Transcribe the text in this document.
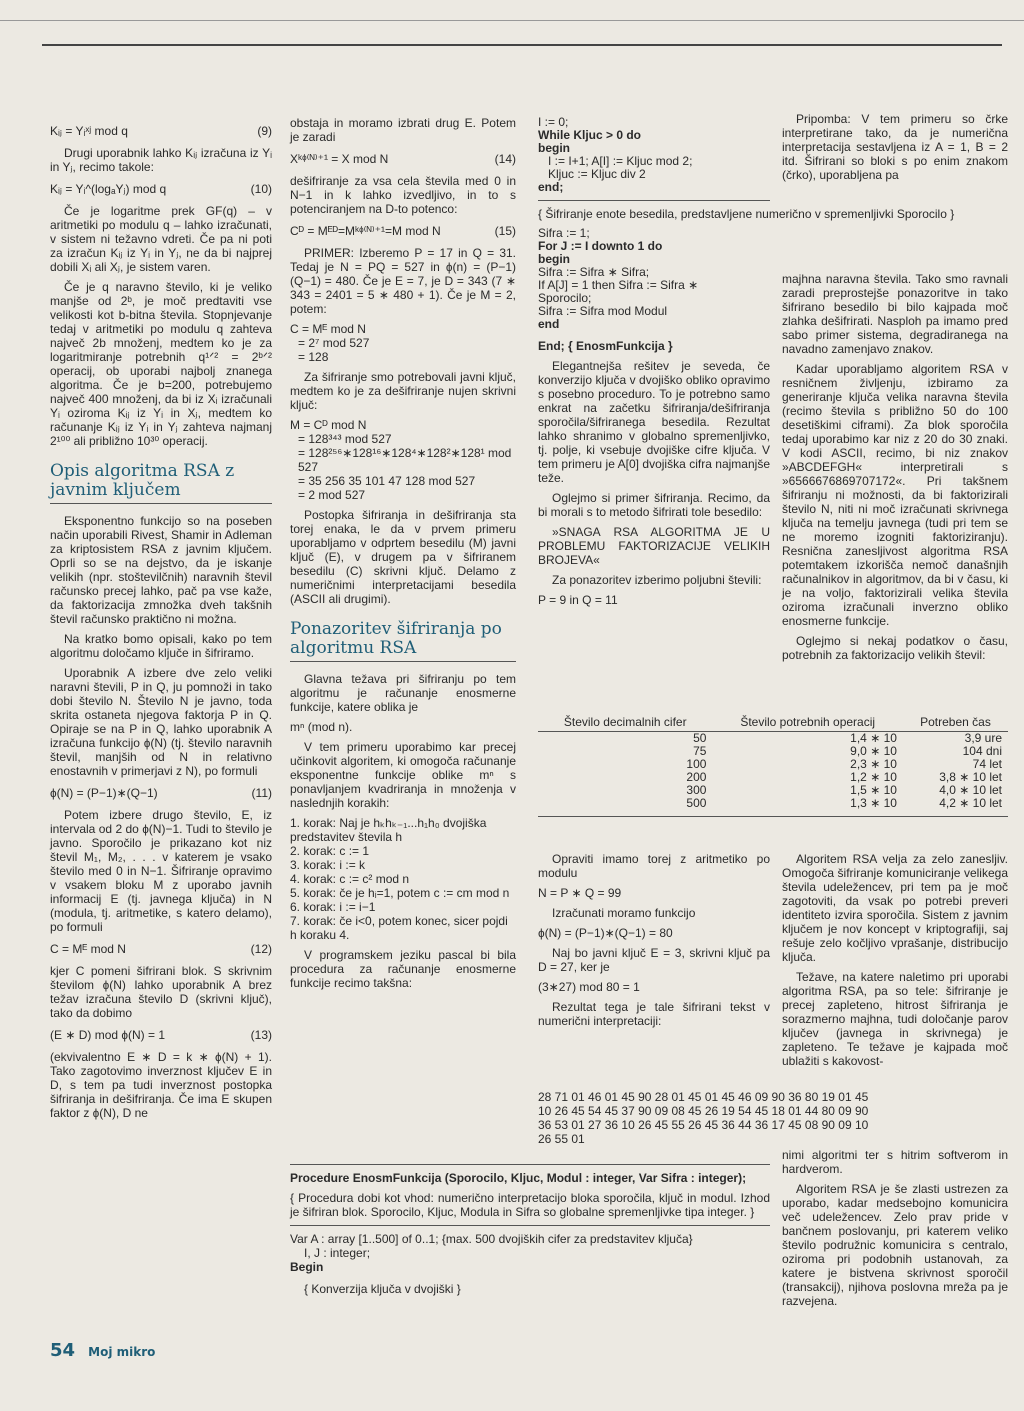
Kᵢⱼ = Yᵢˣʲ mod q	(9)

Drugi uporabnik lahko Kᵢⱼ izračuna iz Yᵢ in Yⱼ, recimo takole:

Kᵢⱼ = Yᵢ^(logₐYⱼ) mod q	(10)

Če je logaritme prek GF(q) – v aritmetiki po modulu q – lahko izračunati, v sistem ni težavno vdreti. Če pa ni poti za izračun Kᵢⱼ iz Yᵢ in Yⱼ, ne da bi najprej dobili Xᵢ ali Xⱼ, je sistem varen.

Če je q naravno število, ki je veliko manjše od 2ᵇ, je moč predtaviti vse velikosti kot b-bitna števila. Stopnjevanje tedaj v aritmetiki po modulu q zahteva največ 2b množenj, medtem ko je za logaritmiranje potrebnih q¹ᐟ² = 2ᵇᐟ² operacij, ob uporabi najbolj znanega algoritma. Če je b=200, potrebujemo največ 400 množenj, da bi iz Xᵢ izračunali Yᵢ oziroma Kᵢⱼ iz Yᵢ in Xⱼ, medtem ko računanje Kᵢⱼ iz Yᵢ in Yⱼ zahteva najmanj 2¹⁰⁰ ali približno 10³⁰ operacij.

Opis algoritma RSA z javnim ključem

Eksponentno funkcijo so na poseben način uporabili Rivest, Shamir in Adleman za kriptosistem RSA z javnim ključem. Oprli so se na dejstvo, da je iskanje velikih (npr. stoštevilčnih) naravnih števil računsko precej lahko, pač pa vse kaže, da faktorizacija zmnožka dveh takšnih števil računsko praktično ni možna.

Na kratko bomo opisali, kako po tem algoritmu določamo ključe in šifriramo.

Uporabnik A izbere dve zelo veliki naravni števili, P in Q, ju pomnoži in tako dobi število N. Število N je javno, toda skrita ostaneta njegova faktorja P in Q. Opiraje se na P in Q, lahko uporabnik A izračuna funkcijo ɸ(N) (tj. število naravnih števil, manjših od N in relativno enostavnih v primerjavi z N), po formuli

ɸ(N) = (P−1)∗(Q−1)	(11)

Potem izbere drugo število, E, iz intervala od 2 do ɸ(N)−1. Tudi to število je javno. Sporočilo je prikazano kot niz števil M₁, M₂, . . . v katerem je vsako število med 0 in N−1. Šifriranje opravimo v vsakem bloku M z uporabo javnih informacij E (tj. javnega ključa) in N (modula, tj. aritmetike, s katero delamo), po formuli

C = Mᴱ mod N	(12)

kjer C pomeni šifrirani blok. S skrivnim številom ɸ(N) lahko uporabnik A brez težav izračuna število D (skrivni ključ), tako da dobimo

(E ∗ D) mod ɸ(N) = 1	(13)

(ekvivalentno E ∗ D = k ∗ ɸ(N) + 1). Tako zagotovimo inverznost ključev E in D, s tem pa tudi inverznost postopka šifriranja in dešifriranja. Če ima E skupen faktor z ɸ(N), D ne

obstaja in moramo izbrati drug E. Potem je zaradi

Xᵏᶲ⁽ᴺ⁾⁺¹ = X mod N	(14)

dešifriranje za vsa cela števila med 0 in N−1 in k lahko izvedljivo, in to s potenciranjem na D-to potenco:

Cᴰ = Mᴱᴰ=Mᵏᶲ⁽ᴺ⁾⁺¹=M mod N	(15)

PRIMER: Izberemo P = 17 in Q = 31. Tedaj je N = PQ = 527 in ɸ(n) = (P−1)(Q−1) = 480. Če je E = 7, je D = 343 (7 ∗ 343 = 2401 = 5 ∗ 480 + 1). Če je M = 2, potem:

C = Mᴱ mod N
= 2⁷ mod 527
= 128

Za šifriranje smo potrebovali javni ključ, medtem ko je za dešifriranje nujen skrivni ključ:

M = Cᴰ mod N
= 128³⁴³ mod 527
= 128²⁵⁶∗128¹⁶∗128⁴∗128²∗128¹ mod 527
= 35 256 35 101 47 128 mod 527
= 2 mod 527

Postopka šifriranja in dešifriranja sta torej enaka, le da v prvem primeru uporabljamo v odprtem besedilu (M) javni ključ (E), v drugem pa v šifriranem besedilu (C) skrivni ključ. Delamo z numeričnimi interpretacijami besedila (ASCII ali drugimi).

Ponazoritev šifriranja po algoritmu RSA

Glavna težava pri šifriranju po tem algoritmu je računanje enosmerne funkcije, katere oblika je

mⁿ (mod n).

V tem primeru uporabimo kar precej učinkovit algoritem, ki omogoča računanje eksponentne funkcije oblike mⁿ s ponavljanjem kvadriranja in množenja v naslednjih korakih:

1. korak: Naj je hₖhₖ₋₁...h₁h₀ dvojiška predstavitev števila h
2. korak: c := 1
3. korak: i := k
4. korak: c := c² mod n
5. korak: če je hᵢ=1, potem c := cm mod n
6. korak: i := i−1
7. korak: če i<0, potem konec, sicer pojdi h koraku 4.

V programskem jeziku pascal bi bila procedura za računanje enosmerne funkcije recimo takšna:

I := 0;
While Kljuc > 0 do
begin
I := I+1; A[I] := Kljuc mod 2;
Kljuc := Kljuc div 2
end;

{ Šifriranje enote besedila, predstavljene numerično v spremenljivki Sporocilo }

Sifra := 1;
For J := I downto 1 do
begin
Sifra := Sifra ∗ Sifra;
If A[J] = 1 then Sifra := Sifra ∗
Sporocilo;
Sifra := Sifra mod Modul
end

End; { EnosmFunkcija }

Elegantnejša rešitev je seveda, če konverzijo ključa v dvojiško obliko opravimo s posebno proceduro. To je potrebno samo enkrat na začetku šifriranja/dešifriranja sporočila/šifriranega besedila. Rezultat lahko shranimo v globalno spremenljivko, tj. polje, ki vsebuje dvojiške cifre ključa. V tem primeru je A[0] dvojiška cifra najmanjše teže.

Oglejmo si primer šifriranja. Recimo, da bi morali s to metodo šifrirati tole besedilo:

»SNAGA RSA ALGORITMA JE U PROBLEMU FAKTORIZACIJE VELIKIH BROJEVA«

Za ponazoritev izberimo poljubni števili:

P = 9 in Q = 11

Pripomba: V tem primeru so črke interpretirane tako, da je numerična interpretacija sestavljena iz A = 1, B = 2 itd. Šifrirani so bloki s po enim znakom (črko), uporabljena pa

majhna naravna števila. Tako smo ravnali zaradi preprostejše ponazoritve in tako šifrirano besedilo bi bilo kajpada moč zlahka dešifrirati. Nasploh pa imamo pred sabo primer sistema, degradiranega na navadno zamenjavo znakov.

Kadar uporabljamo algoritem RSA v resničnem življenju, izbiramo za generiranje ključa velika naravna števila (recimo števila s približno 50 do 100 desetiškimi ciframi). Za blok sporočila tedaj uporabimo kar niz z 20 do 30 znaki. V kodi ASCII, recimo, bi niz znakov »ABCDEFGH« interpretirali s »6566676869707172«. Pri takšnem šifriranju ni možnosti, da bi faktorizirali število N, niti ni moč izračunati skrivnega ključa na temelju javnega (tudi pri tem se ne moremo izogniti faktoriziranju). Resnična zanesljivost algoritma RSA potemtakem izkorišča nemoč današnjih računalnikov in algoritmov, da bi v času, ki je na voljo, faktorizirali velika števila oziroma izračunali inverzno obliko enosmerne funkcije.

Oglejmo si nekaj podatkov o času, potrebnih za faktorizacijo velikih števil:

Število decimalnih cifer	Število potrebnih operacij	Potreben čas
50	1,4 ∗ 10	3,9 ure
75	9,0 ∗ 10	104 dni
100	2,3 ∗ 10	74 let
200	1,2 ∗ 10	3,8 ∗ 10 let
300	1,5 ∗ 10	4,0 ∗ 10 let
500	1,3 ∗ 10	4,2 ∗ 10 let

Opraviti imamo torej z aritmetiko po modulu

N = P ∗ Q = 99

Izračunati moramo funkcijo

ɸ(N) = (P−1)∗(Q−1) = 80

Naj bo javni ključ E = 3, skrivni ključ pa D = 27, ker je

(3∗27) mod 80 = 1

Rezultat tega je tale šifrirani tekst v numerični interpretaciji:

Algoritem RSA velja za zelo zanesljiv. Omogoča šifriranje komuniciranje velikega števila udeležencev, pri tem pa je moč zagotoviti, da vsak po potrebi preveri identiteto izvira sporočila. Sistem z javnim ključem je nov koncept v kriptografiji, saj rešuje zelo kočljivo vprašanje, distribucijo ključa.

Težave, na katere naletimo pri uporabi algoritma RSA, pa so tele: šifriranje je precej zapleteno, hitrost šifriranja je sorazmerno majhna, tudi določanje parov ključev (javnega in skrivnega) je zapleteno. Te težave je kajpada moč ublažiti s kakovost-

28 71 01 46 01 45 90 28 01 45 01 45 46 09 90 36 80 19 01 45
10 26 45 54 45 37 90 09 08 45 26 19 54 45 18 01 44 80 09 90
36 53 01 27 36 10 26 45 55 26 45 36 44 36 17 45 08 90 09 10
26 55 01

Procedure EnosmFunkcija (Sporocilo, Kljuc, Modul : integer, Var Sifra : integer);

{ Procedura dobi kot vhod: numerično interpretacijo bloka sporočila, ključ in modul. Izhod je šifriran blok. Sporocilo, Kljuc, Modula in Sifra so globalne spremenljivke tipa integer. }

Var A : array [1..500] of 0..1; {max. 500 dvojiških cifer za predstavitev ključa}

I, J : integer;

Begin

{ Konverzija ključa v dvojiški }

nimi algoritmi ter s hitrim softverom in hardverom.

Algoritem RSA je še zlasti ustrezen za uporabo, kadar medsebojno komunicira več udeležencev. Zelo prav pride v bančnem poslovanju, pri katerem veliko število podružnic komunicira s centralo, oziroma pri podobnih ustanovah, za katere je bistvena skrivnost sporočil (transakcij), njihova poslovna mreža pa je razvejena.

54 Moj mikro
